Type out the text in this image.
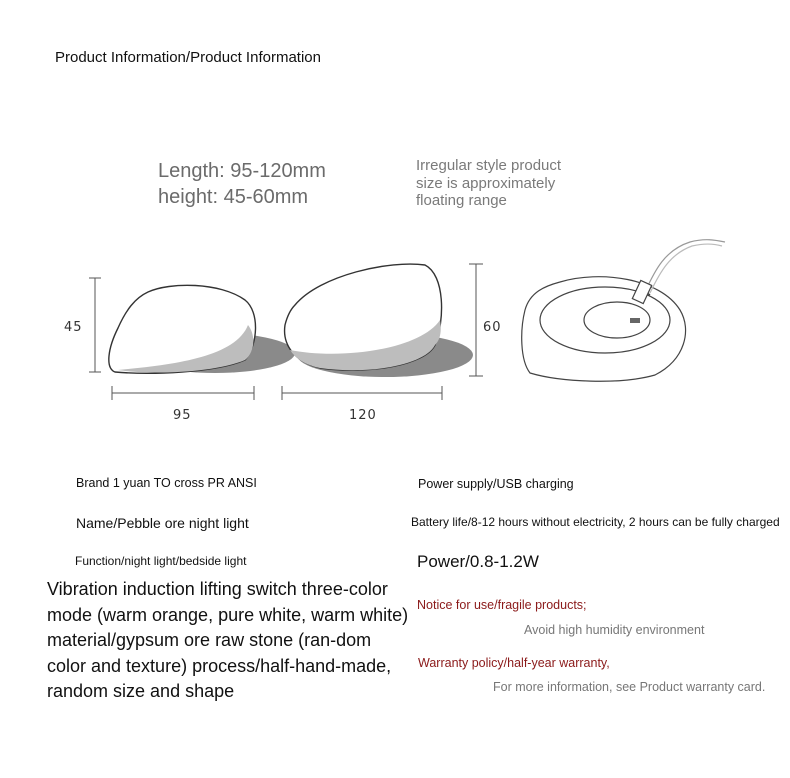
Product Information/Product Information
Length: 95-120mm
height: 45-60mm
Irregular style product
size is approximately
floating range
45
95	120
60
Brand 1 yuan TO cross PR ANSI
Name/Pebble ore night light
Function/night light/bedside light
Vibration induction lifting switch three-color mode (warm orange, pure white, warm white) material/gypsum ore raw stone (ran-dom color and texture) process/half-hand-made, random size and shape
Power supply/USB charging
Battery life/8-12 hours without electricity, 2 hours can be fully charged
Power/0.8-1.2W
Notice for use/fragile products;
Avoid high humidity environment
Warranty policy/half-year warranty,
For more information, see Product warranty card.
